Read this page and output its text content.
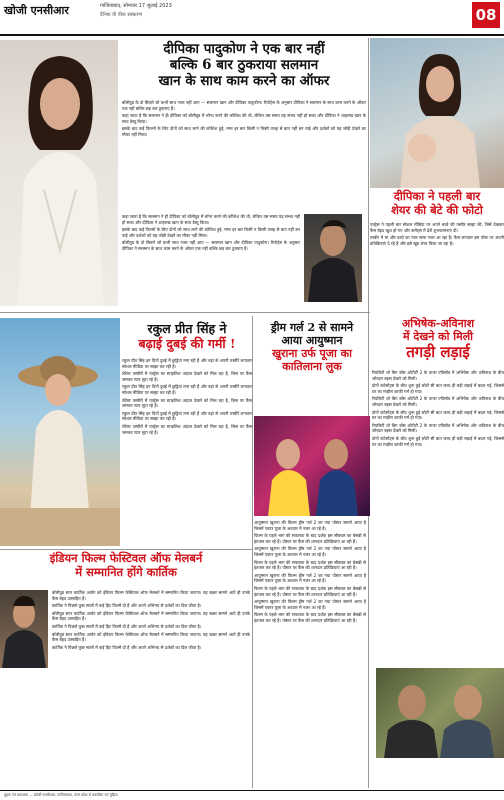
खोजी एनसीआर	गाजियाबाद, सोमवार 17 जुलाई 2023
दैनिक वी वीक संस्करण	08
दीपिका पादुकोण ने एक बार नहीं
बल्कि 6 बार ठुकराया सलमान
खान के साथ काम करने का ऑफर

बॉलीवुड के दो सितारे जो कभी साथ नजर नहीं आए — सलमान खान और दीपिका पादुकोण। रिपोर्ट्स के अनुसार दीपिका ने सलमान के साथ काम करने के ऑफर एक नहीं बल्कि छह बार ठुकराए हैं।

कहा जाता है कि सलमान ने ही दीपिका को बॉलीवुड में लॉन्च करने की कोशिश की थी, लेकिन उस समय यह संभव नहीं हो सका और दीपिका ने शाहरुख खान के साथ डेब्यू किया।

इसके बाद कई फिल्मों के लिए दोनों को साथ लाने की कोशिश हुई, मगर हर बार किसी न किसी वजह से बात नहीं बन पाई और दर्शकों को यह जोड़ी देखने का मौका नहीं मिला।

कहा जाता है कि सलमान ने ही दीपिका को बॉलीवुड में लॉन्च करने की कोशिश की थी, लेकिन उस समय यह संभव नहीं हो सका और दीपिका ने शाहरुख खान के साथ डेब्यू किया।

इसके बाद कई फिल्मों के लिए दोनों को साथ लाने की कोशिश हुई, मगर हर बार किसी न किसी वजह से बात नहीं बन पाई और दर्शकों को यह जोड़ी देखने का मौका नहीं मिला।

बॉलीवुड के दो सितारे जो कभी साथ नजर नहीं आए — सलमान खान और दीपिका पादुकोण। रिपोर्ट्स के अनुसार दीपिका ने सलमान के साथ काम करने के ऑफर एक नहीं बल्कि छह बार ठुकराए हैं।

दीपिका ने पहली बार
शेयर की बेटे की फोटो

एक्ट्रेस ने पहली बार सोशल मीडिया पर अपने बच्चे की तस्वीर साझा की, जिसे देखकर फैंस बेहद खुश हो गए और कमेंट्स में ढेरों शुभकामनाएं दीं।

तस्वीर में मां और बच्चे का प्यार साफ नजर आ रहा है। फैंस लगातार इस पोस्ट पर अपनी प्रतिक्रियाएं दे रहे हैं और इसे खूब शेयर किया जा रहा है।

अभिषेक-अविनाश
में देखने को मिली
तगड़ी लड़ाई

रियलिटी शो बिग बॉस ओटीटी 2 के ताजा एपिसोड में अभिषेक और अविनाश के बीच जोरदार बहस देखने को मिली।

दोनों कंटेस्टेंट्स के बीच शुरू हुई छोटी सी बात जल्द ही बड़ी लड़ाई में बदल गई, जिससे घर का माहौल काफी गर्म हो गया।

रियलिटी शो बिग बॉस ओटीटी 2 के ताजा एपिसोड में अभिषेक और अविनाश के बीच जोरदार बहस देखने को मिली।

दोनों कंटेस्टेंट्स के बीच शुरू हुई छोटी सी बात जल्द ही बड़ी लड़ाई में बदल गई, जिससे घर का माहौल काफी गर्म हो गया।

रियलिटी शो बिग बॉस ओटीटी 2 के ताजा एपिसोड में अभिषेक और अविनाश के बीच जोरदार बहस देखने को मिली।

दोनों कंटेस्टेंट्स के बीच शुरू हुई छोटी सी बात जल्द ही बड़ी लड़ाई में बदल गई, जिससे घर का माहौल काफी गर्म हो गया।

रकुल प्रीत सिंह ने
बढ़ाई दुबई की गर्मी !

रकुल प्रीत सिंह इन दिनों दुबई में छुट्टियां मना रही हैं और वहां से अपनी तस्वीरें लगातार सोशल मीडिया पर साझा कर रही हैं।

लेटेस्ट तस्वीरों में एक्ट्रेस का स्टाइलिश अंदाज देखने को मिल रहा है, जिस पर फैंस जमकर प्यार लुटा रहे हैं।

रकुल प्रीत सिंह इन दिनों दुबई में छुट्टियां मना रही हैं और वहां से अपनी तस्वीरें लगातार सोशल मीडिया पर साझा कर रही हैं।

लेटेस्ट तस्वीरों में एक्ट्रेस का स्टाइलिश अंदाज देखने को मिल रहा है, जिस पर फैंस जमकर प्यार लुटा रहे हैं।

रकुल प्रीत सिंह इन दिनों दुबई में छुट्टियां मना रही हैं और वहां से अपनी तस्वीरें लगातार सोशल मीडिया पर साझा कर रही हैं।

लेटेस्ट तस्वीरों में एक्ट्रेस का स्टाइलिश अंदाज देखने को मिल रहा है, जिस पर फैंस जमकर प्यार लुटा रहे हैं।

ड्रीम गर्ल 2 से सामने
आया आयुष्मान
खुराना उर्फ पूजा का
कातिलाना लुक

आयुष्मान खुराना की फिल्म ड्रीम गर्ल 2 का नया पोस्टर सामने आया है जिसमें एक्टर पूजा के अवतार में नजर आ रहे हैं।

फिल्म के पहले भाग की सफलता के बाद दर्शक इस सीक्वल का बेसब्री से इंतजार कर रहे हैं। पोस्टर पर फैंस की शानदार प्रतिक्रियाएं आ रही हैं।

आयुष्मान खुराना की फिल्म ड्रीम गर्ल 2 का नया पोस्टर सामने आया है जिसमें एक्टर पूजा के अवतार में नजर आ रहे हैं।

फिल्म के पहले भाग की सफलता के बाद दर्शक इस सीक्वल का बेसब्री से इंतजार कर रहे हैं। पोस्टर पर फैंस की शानदार प्रतिक्रियाएं आ रही हैं।

आयुष्मान खुराना की फिल्म ड्रीम गर्ल 2 का नया पोस्टर सामने आया है जिसमें एक्टर पूजा के अवतार में नजर आ रहे हैं।

फिल्म के पहले भाग की सफलता के बाद दर्शक इस सीक्वल का बेसब्री से इंतजार कर रहे हैं। पोस्टर पर फैंस की शानदार प्रतिक्रियाएं आ रही हैं।

आयुष्मान खुराना की फिल्म ड्रीम गर्ल 2 का नया पोस्टर सामने आया है जिसमें एक्टर पूजा के अवतार में नजर आ रहे हैं।

फिल्म के पहले भाग की सफलता के बाद दर्शक इस सीक्वल का बेसब्री से इंतजार कर रहे हैं। पोस्टर पर फैंस की शानदार प्रतिक्रियाएं आ रही हैं।

इंडियन फिल्म फेस्टिवल ऑफ मेलबर्न
में सम्मानित होंगे कार्तिक

बॉलीवुड स्टार कार्तिक आर्यन को इंडियन फिल्म फेस्टिवल ऑफ मेलबर्न में सम्मानित किया जाएगा। यह खबर सामने आते ही उनके फैंस बेहद उत्साहित हैं।

कार्तिक ने पिछले कुछ सालों में कई हिट फिल्में दी हैं और अपने अभिनय से दर्शकों का दिल जीता है।

बॉलीवुड स्टार कार्तिक आर्यन को इंडियन फिल्म फेस्टिवल ऑफ मेलबर्न में सम्मानित किया जाएगा। यह खबर सामने आते ही उनके फैंस बेहद उत्साहित हैं।

कार्तिक ने पिछले कुछ सालों में कई हिट फिल्में दी हैं और अपने अभिनय से दर्शकों का दिल जीता है।

बॉलीवुड स्टार कार्तिक आर्यन को इंडियन फिल्म फेस्टिवल ऑफ मेलबर्न में सम्मानित किया जाएगा। यह खबर सामने आते ही उनके फैंस बेहद उत्साहित हैं।

कार्तिक ने पिछले कुछ सालों में कई हिट फिल्में दी हैं और अपने अभिनय से दर्शकों का दिल जीता है।

मुद्रक एवं प्रकाशक — खोजी एनसीआर, गाजियाबाद, उत्तर प्रदेश से प्रकाशित एवं मुद्रित।
